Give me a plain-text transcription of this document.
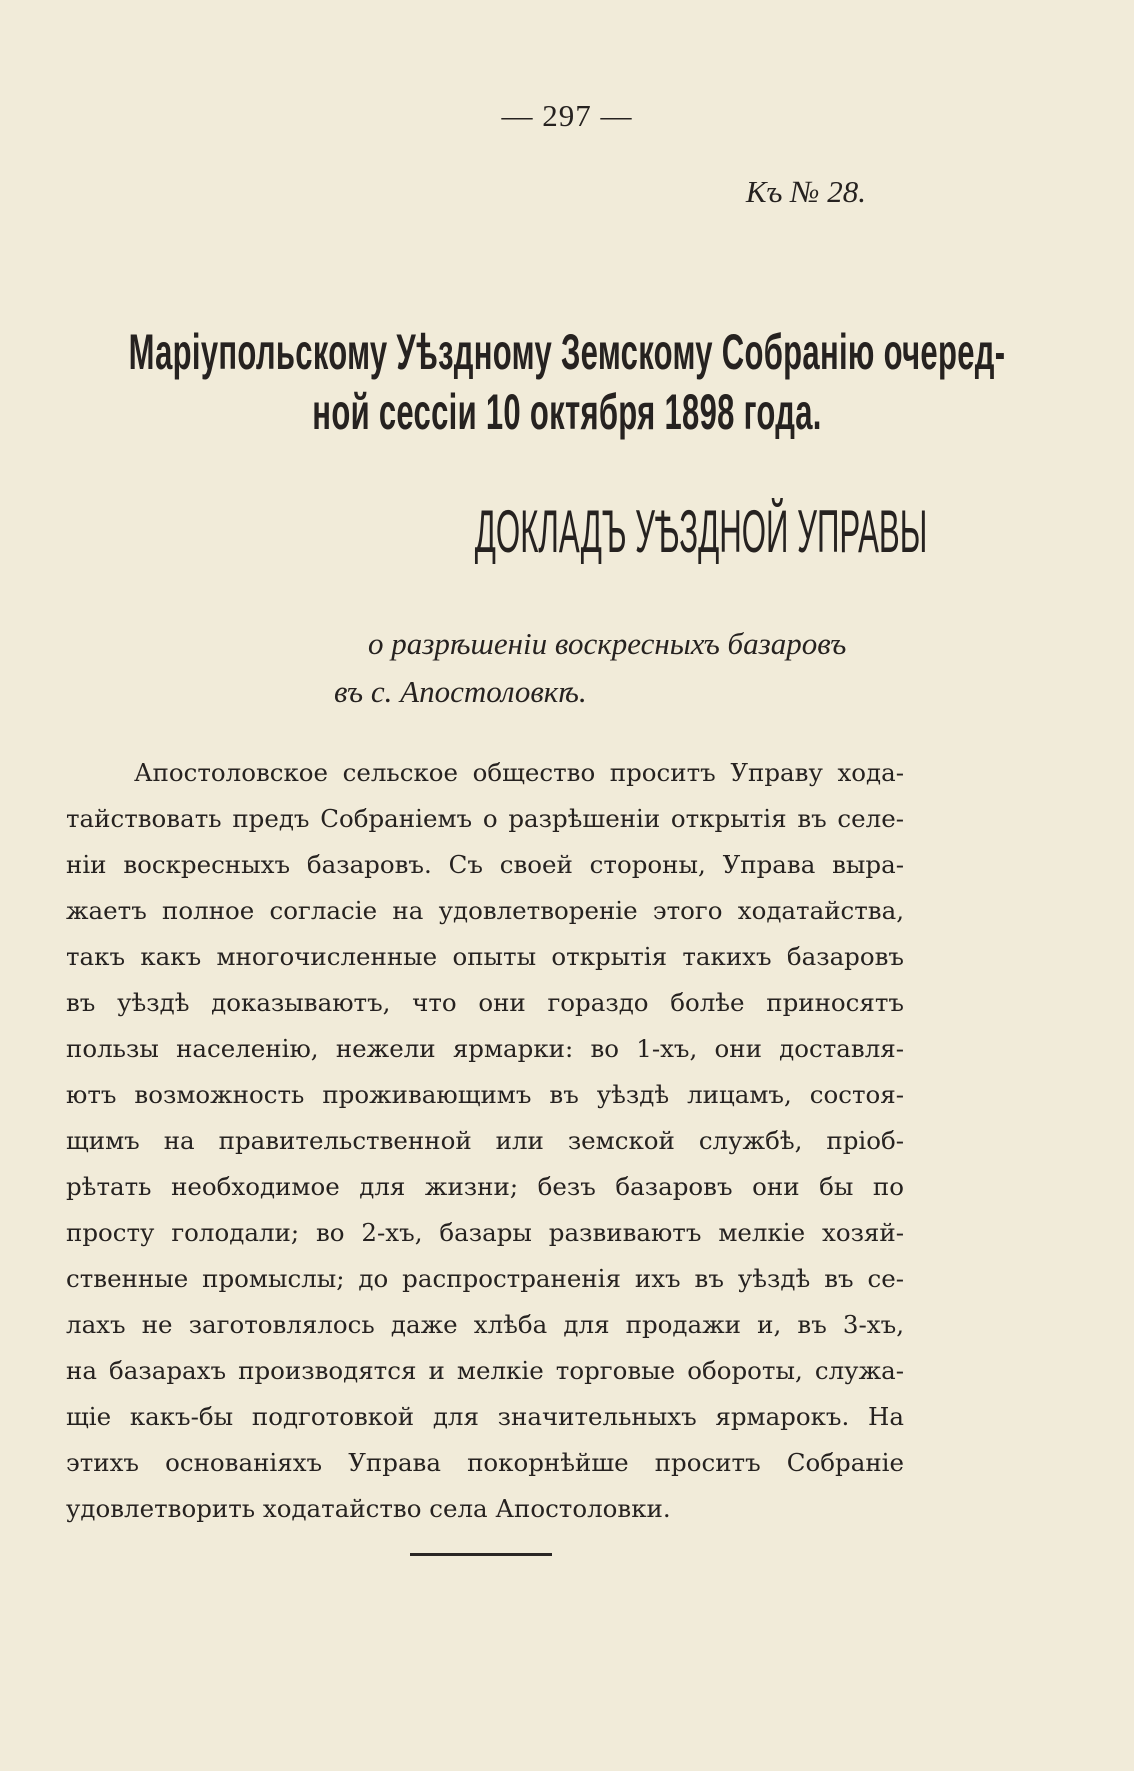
— 297 —
Къ № 28.
Маріупольскому Уѣздному Земскому Собранію очеред-
ной сессіи 10 октября 1898 года.
ДОКЛАДЪ УѢЗДНОЙ УПРАВЫ
о разрѣшеніи воскресныхъ базаровъ
въ с. Апостоловкѣ.
Апостоловское сельское общество проситъ Управу хода-
тайствовать предъ Собраніемъ о разрѣшеніи открытія въ селе-
ніи воскресныхъ базаровъ. Съ своей стороны, Управа выра-
жаетъ полное согласіе на удовлетвореніе этого ходатайства,
такъ какъ многочисленные опыты открытія такихъ базаровъ
въ уѣздѣ доказываютъ, что они гораздо болѣе приносятъ
пользы населенію, нежели ярмарки: во 1-хъ, они доставля-
ютъ возможность проживающимъ въ уѣздѣ лицамъ, состоя-
щимъ на правительственной или земской службѣ, пріоб-
рѣтать необходимое для жизни; безъ базаровъ они бы по
просту голодали; во 2-хъ, базары развиваютъ мелкіе хозяй-
ственные промыслы; до распространенія ихъ въ уѣздѣ въ се-
лахъ не заготовлялось даже хлѣба для продажи и, въ 3-хъ,
на базарахъ производятся и мелкіе торговые обороты, служа-
щіе какъ-бы подготовкой для значительныхъ ярмарокъ. На
этихъ основаніяхъ Управа покорнѣйше проситъ Собраніе
удовлетворить ходатайство села Апостоловки.
